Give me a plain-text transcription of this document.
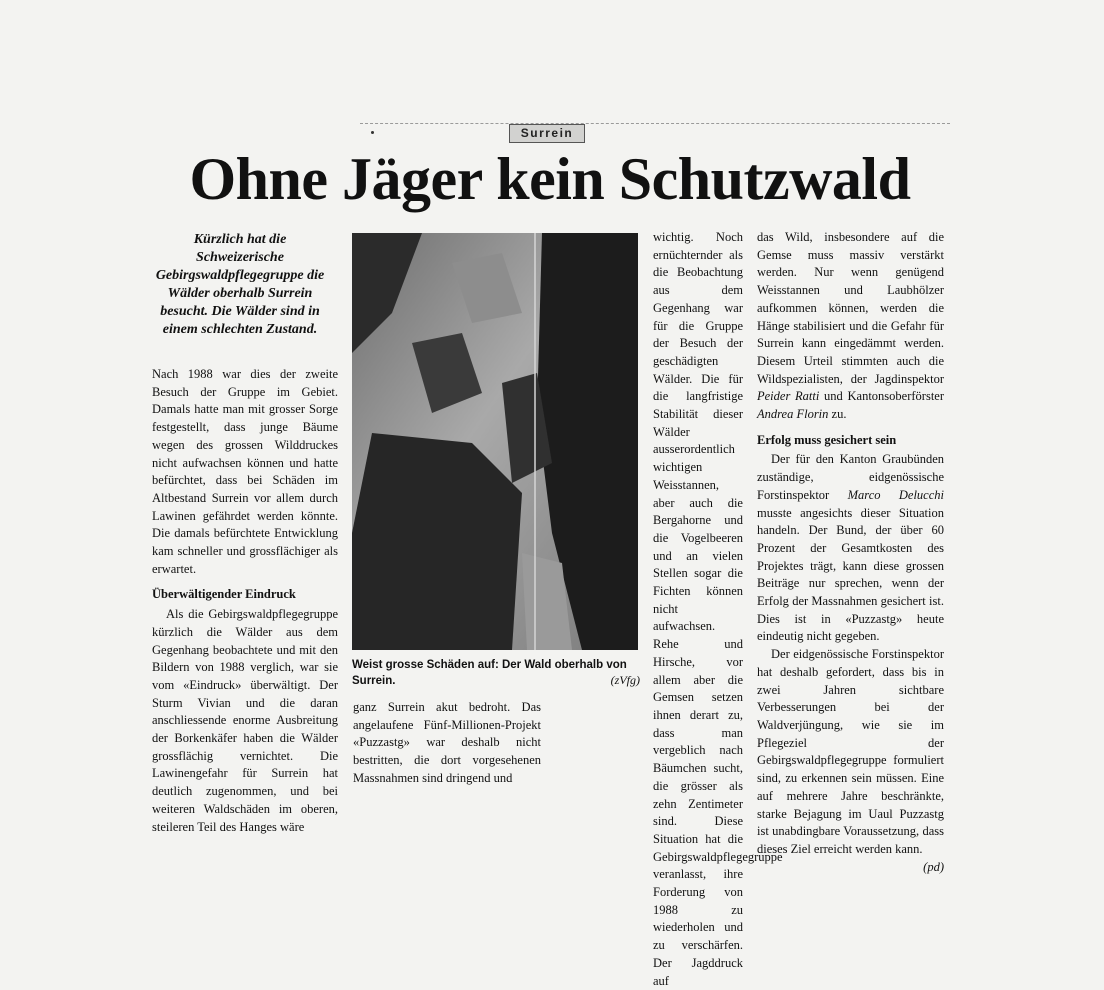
Surrein
Ohne Jäger kein Schutzwald

Kürzlich hat die Schweizerische Gebirgswaldpflegegruppe die Wälder oberhalb Surrein besucht. Die Wälder sind in einem schlechten Zustand.

Nach 1988 war dies der zweite Besuch der Gruppe im Gebiet. Damals hatte man mit grosser Sorge festgestellt, dass junge Bäume wegen des grossen Wilddruckes nicht aufwachsen können und hatte befürchtet, dass bei Schäden im Altbestand Surrein vor allem durch Lawinen gefährdet werden könnte. Die damals befürchtete Entwicklung kam schneller und grossflächiger als erwartet.

Überwältigender Eindruck

Als die Gebirgswaldpflegegruppe kürzlich die Wälder aus dem Gegenhang beobachtete und mit den Bildern von 1988 verglich, war sie vom «Eindruck» überwältigt. Der Sturm Vivian und die daran anschliessende enorme Ausbreitung der Borkenkäfer haben die Wälder grossflächig vernichtet. Die Lawinengefahr für Surrein hat deutlich zugenommen, und bei weiteren Waldschäden im oberen, steileren Teil des Hanges wäre

Weist grosse Schäden auf: Der Wald oberhalb von Surrein.	(zVfg)

ganz Surrein akut bedroht. Das angelaufene Fünf-Millionen-Projekt «Puzzastg» war deshalb nicht bestritten, die dort vorgesehenen Massnahmen sind dringend und

wichtig. Noch ernüchternder als die Beobachtung aus dem Gegenhang war für die Gruppe der Besuch der geschädigten Wälder. Die für die langfristige Stabilität dieser Wälder ausserordentlich wichtigen Weisstannen, aber auch die Bergahorne und die Vogelbeeren und an vielen Stellen sogar die Fichten können nicht aufwachsen. Rehe und Hirsche, vor allem aber die Gemsen setzen ihnen derart zu, dass man vergeblich nach Bäumchen sucht, die grösser als zehn Zentimeter sind. Diese Situation hat die Gebirgswaldpflegegruppe veranlasst, ihre Forderung von 1988 zu wiederholen und zu verschärfen. Der Jagddruck auf

das Wild, insbesondere auf die Gemse muss massiv verstärkt werden. Nur wenn genügend Weisstannen und Laubhölzer aufkommen können, werden die Hänge stabilisiert und die Gefahr für Surrein kann eingedämmt werden. Diesem Urteil stimmten auch die Wildspezialisten, der Jagdinspektor Peider Ratti und Kantonsoberförster Andrea Florin zu.

Erfolg muss gesichert sein

Der für den Kanton Graubünden zuständige, eidgenössische Forstinspektor Marco Delucchi musste angesichts dieser Situation handeln. Der Bund, der über 60 Prozent der Gesamtkosten des Projektes trägt, kann diese grossen Beiträge nur sprechen, wenn der Erfolg der Massnahmen gesichert ist. Dies ist in «Puzzastg» heute eindeutig nicht gegeben.

Der eidgenössische Forstinspektor hat deshalb gefordert, dass bis in zwei Jahren sichtbare Verbesserungen bei der Waldverjüngung, wie sie im Pflegeziel der Gebirgswaldpflegegruppe formuliert sind, zu erkennen sein müssen. Eine auf mehrere Jahre beschränkte, starke Bejagung im Uaul Puzzastg ist unabdingbare Voraussetzung, dass dieses Ziel erreicht werden kann.

(pd)
